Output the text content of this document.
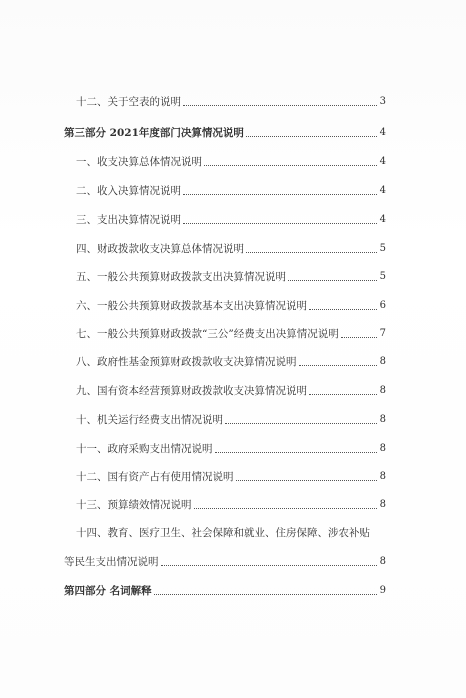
十二、关于空表的说明	3
第三部分 2021年度部门决算情况说明	4
一、收支决算总体情况说明	4
二、收入决算情况说明	4
三、支出决算情况说明	4
四、财政拨款收支决算总体情况说明	5
五、一般公共预算财政拨款支出决算情况说明	5
六、一般公共预算财政拨款基本支出决算情况说明	6
七、一般公共预算财政拨款“三公”经费支出决算情况说明	7
八、政府性基金预算财政拨款收支决算情况说明	8
九、国有资本经营预算财政拨款收支决算情况说明	8
十、机关运行经费支出情况说明	8
十一、政府采购支出情况说明	8
十二、国有资产占有使用情况说明	8
十三、预算绩效情况说明	8
十四、教育、医疗卫生、社会保障和就业、住房保障、涉农补贴
等民生支出情况说明	8
第四部分 名词解释	9
